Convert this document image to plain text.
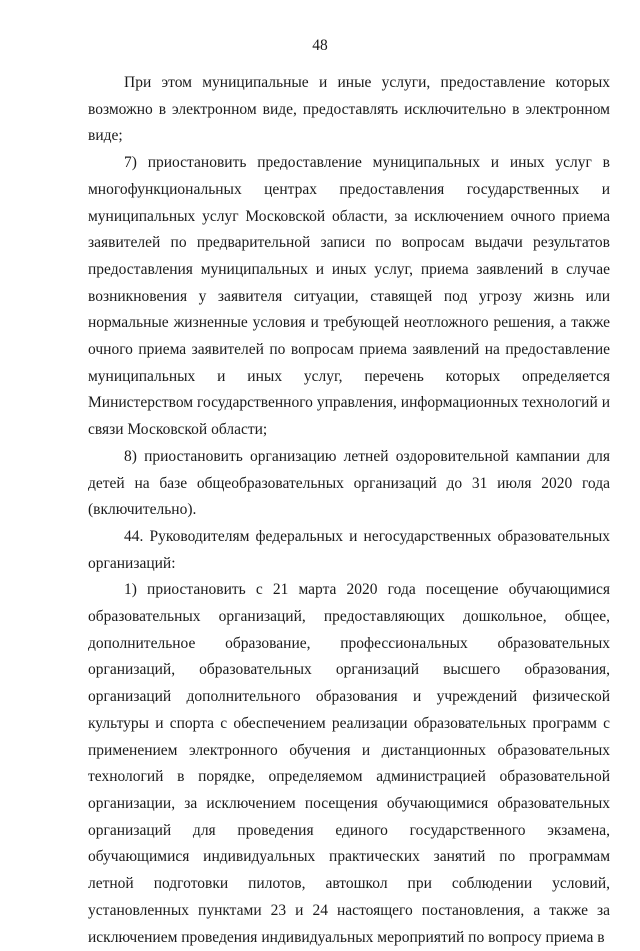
48

При этом муниципальные и иные услуги, предоставление которых возможно в электронном виде, предоставлять исключительно в электронном виде;

7) приостановить предоставление муниципальных и иных услуг в многофункциональных центрах предоставления государственных и муниципальных услуг Московской области, за исключением очного приема заявителей по предварительной записи по вопросам выдачи результатов предоставления муниципальных и иных услуг, приема заявлений в случае возникновения у заявителя ситуации, ставящей под угрозу жизнь или нормальные жизненные условия и требующей неотложного решения, а также очного приема заявителей по вопросам приема заявлений на предоставление муниципальных и иных услуг, перечень которых определяется Министерством государственного управления, информационных технологий и связи Московской области;

8) приостановить организацию летней оздоровительной кампании для детей на базе общеобразовательных организаций до 31 июля 2020 года (включительно).

44. Руководителям федеральных и негосударственных образовательных организаций:

1) приостановить с 21 марта 2020 года посещение обучающимися образовательных организаций, предоставляющих дошкольное, общее, дополнительное образование, профессиональных образовательных организаций, образовательных организаций высшего образования, организаций дополнительного образования и учреждений физической культуры и спорта с обеспечением реализации образовательных программ с применением электронного обучения и дистанционных образовательных технологий в порядке, определяемом администрацией образовательной организации, за исключением посещения обучающимися образовательных организаций для проведения единого государственного экзамена, обучающимися индивидуальных практических занятий по программам летной подготовки пилотов, автошкол при соблюдении условий, установленных пунктами 23 и 24 настоящего постановления, а также за исключением проведения индивидуальных мероприятий по вопросу приема в
